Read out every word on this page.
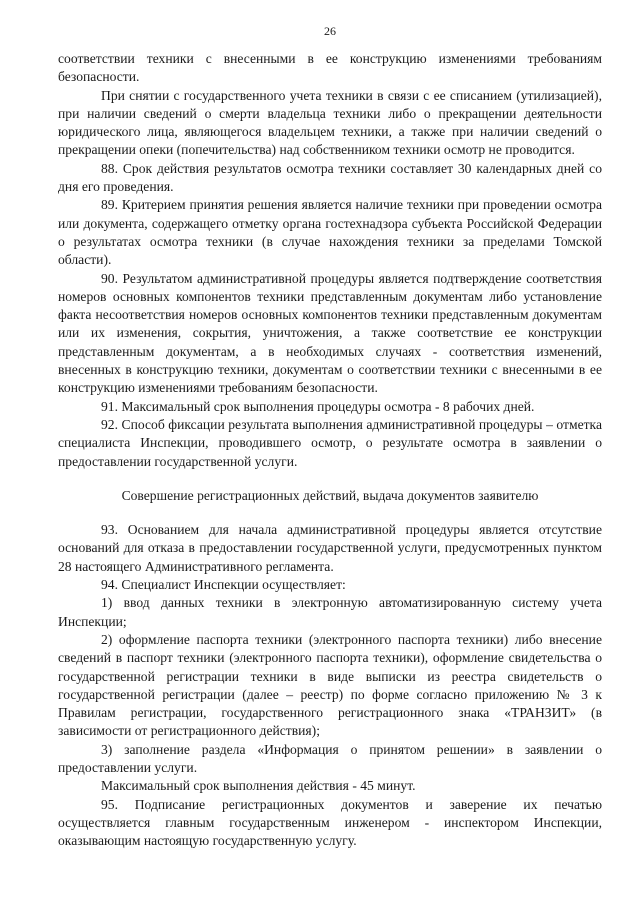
26

соответствии техники с внесенными в ее конструкцию изменениями требованиям безопасности.

При снятии с государственного учета техники в связи с ее списанием (утилизацией), при наличии сведений о смерти владельца техники либо о прекращении деятельности юридического лица, являющегося владельцем техники, а также при наличии сведений о прекращении опеки (попечительства) над собственником техники осмотр не проводится.

88. Срок действия результатов осмотра техники составляет 30 календарных дней со дня его проведения.

89. Критерием принятия решения является наличие техники при проведении осмотра или документа, содержащего отметку органа гостехнадзора субъекта Российской Федерации о результатах осмотра техники (в случае нахождения техники за пределами Томской области).

90. Результатом административной процедуры является подтверждение соответствия номеров основных компонентов техники представленным документам либо установление факта несоответствия номеров основных компонентов техники представленным документам или их изменения, сокрытия, уничтожения, а также соответствие ее конструкции представленным документам, а в необходимых случаях - соответствия изменений, внесенных в конструкцию техники, документам о соответствии техники с внесенными в ее конструкцию изменениями требованиям безопасности.

91. Максимальный срок выполнения процедуры осмотра - 8 рабочих дней.

92. Способ фиксации результата выполнения административной процедуры – отметка специалиста Инспекции, проводившего осмотр, о результате осмотра в заявлении о предоставлении государственной услуги.

Совершение регистрационных действий, выдача документов заявителю

93. Основанием для начала административной процедуры является отсутствие оснований для отказа в предоставлении государственной услуги, предусмотренных пунктом 28 настоящего Административного регламента.

94. Специалист Инспекции осуществляет:

1) ввод данных техники в электронную автоматизированную систему учета Инспекции;

2) оформление паспорта техники (электронного паспорта техники) либо внесение сведений в паспорт техники (электронного паспорта техники), оформление свидетельства о государственной регистрации техники в виде выписки из реестра свидетельств о государственной регистрации (далее – реестр) по форме согласно приложению № 3 к Правилам регистрации, государственного регистрационного знака «ТРАНЗИТ» (в зависимости от регистрационного действия);

3) заполнение раздела «Информация о принятом решении» в заявлении о предоставлении услуги.

Максимальный срок выполнения действия - 45 минут.

95. Подписание регистрационных документов и заверение их печатью осуществляется главным государственным инженером - инспектором Инспекции, оказывающим настоящую государственную услугу.
